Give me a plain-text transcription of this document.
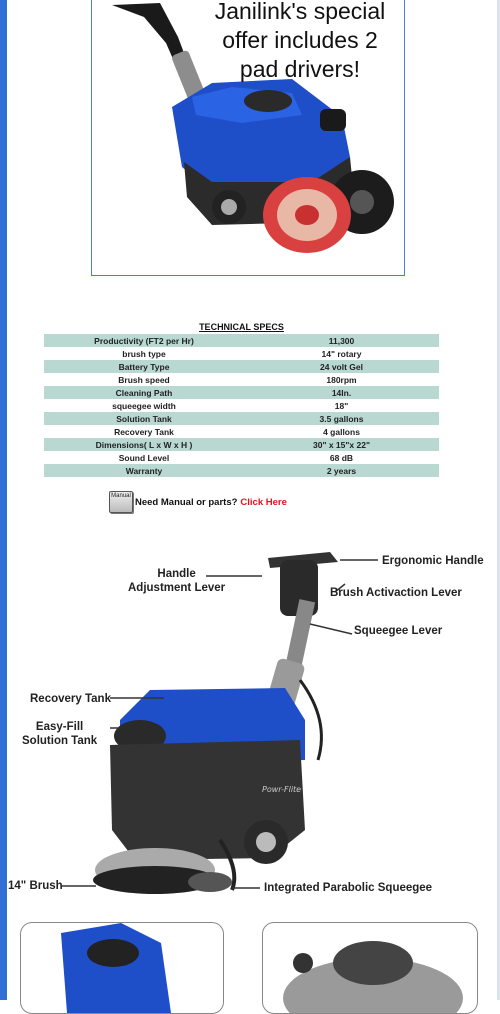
Janilink's special
offer includes 2
pad drivers!
TECHNICAL SPECS
Productivity (FT2 per Hr)	11,300
brush type	14" rotary
Battery Type	24 volt Gel
Brush speed	180rpm
Cleaning Path	14In.
squeegee width	18"
Solution Tank	3.5 gallons
Recovery Tank	4 gallons
Dimensions( L x W x H )	30" x 15"x 22"
Sound Level	68 dB
Warranty	2 years
Manual
Need Manual or parts? Click Here
Powr-Flite
Ergonomic Handle
Handle
Adjustment Lever	Brush Activaction Lever
Squeegee Lever
Recovery Tank
Easy-Fill
Solution Tank
14" Brush	Integrated Parabolic Squeegee
